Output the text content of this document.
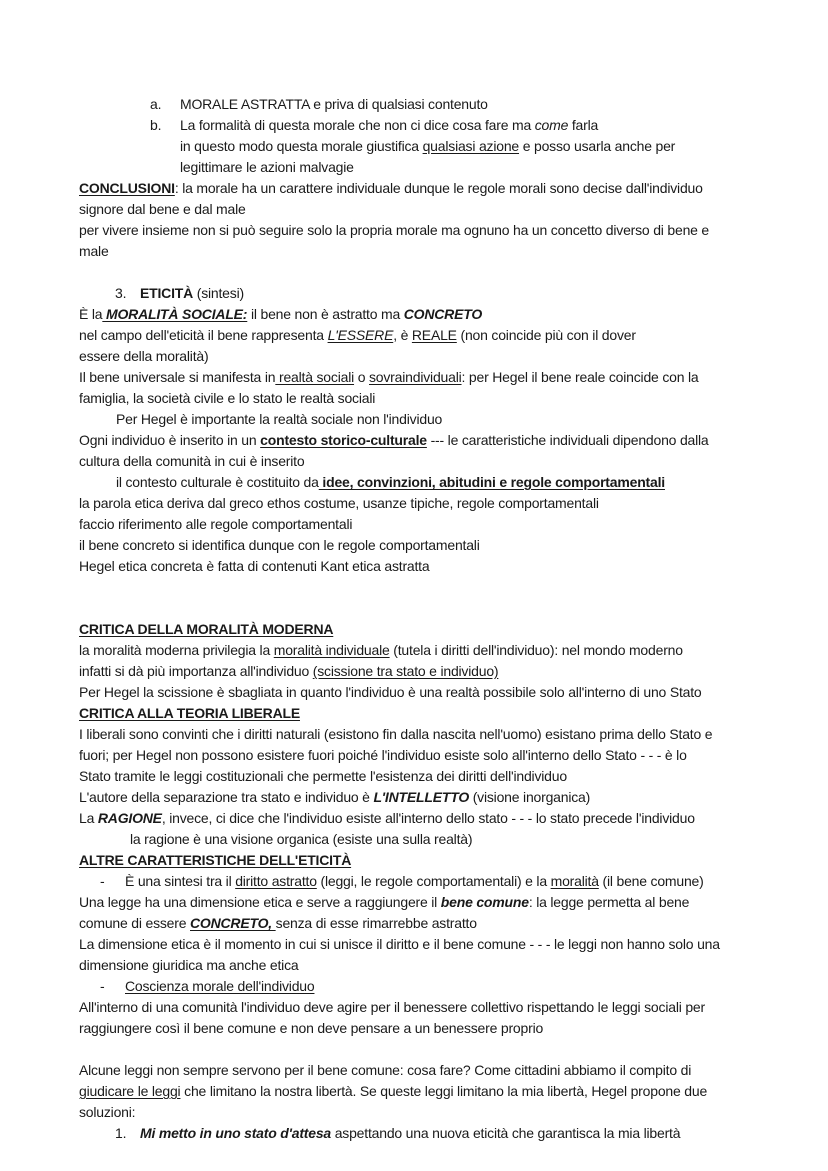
a. MORALE ASTRATTA e priva di qualsiasi contenuto
b. La formalità di questa morale che non ci dice cosa fare ma come farla
in questo modo questa morale giustifica qualsiasi azione e posso usarla anche per
legittimare le azioni malvagie
CONCLUSIONI: la morale ha un carattere individuale dunque le regole morali sono decise dall'individuo
signore dal bene e dal male
per vivere insieme non si può seguire solo la propria morale ma ognuno ha un concetto diverso di bene e
male
3. ETICITÀ (sintesi)
È la MORALITÀ SOCIALE: il bene non è astratto ma CONCRETO
nel campo dell'eticità il bene rappresenta L'ESSERE, è REALE (non coincide più con il dover
essere della moralità)
Il bene universale si manifesta in realtà sociali o sovraindividuali: per Hegel il bene reale coincide con la
famiglia, la società civile e lo stato le realtà sociali
Per Hegel è importante la realtà sociale non l'individuo
Ogni individuo è inserito in un contesto storico-culturale --- le caratteristiche individuali dipendono dalla
cultura della comunità in cui è inserito
il contesto culturale è costituito da idee, convinzioni, abitudini e regole comportamentali
la parola etica deriva dal greco ethos costume, usanze tipiche, regole comportamentali
faccio riferimento alle regole comportamentali
il bene concreto si identifica dunque con le regole comportamentali
Hegel etica concreta è fatta di contenuti Kant etica astratta
CRITICA DELLA MORALITÀ MODERNA
la moralità moderna privilegia la moralità individuale (tutela i diritti dell'individuo): nel mondo moderno
infatti si dà più importanza all'individuo (scissione tra stato e individuo)
Per Hegel la scissione è sbagliata in quanto l'individuo è una realtà possibile solo all'interno di uno Stato
CRITICA ALLA TEORIA LIBERALE
I liberali sono convinti che i diritti naturali (esistono fin dalla nascita nell'uomo) esistano prima dello Stato e
fuori; per Hegel non possono esistere fuori poiché l'individuo esiste solo all'interno dello Stato - - - è lo
Stato tramite le leggi costituzionali che permette l'esistenza dei diritti dell'individuo
L'autore della separazione tra stato e individuo è L'INTELLETTO (visione inorganica)
La RAGIONE, invece, ci dice che l'individuo esiste all'interno dello stato - - - lo stato precede l'individuo
la ragione è una visione organica (esiste una sulla realtà)
ALTRE CARATTERISTICHE DELL'ETICITÀ
- È una sintesi tra il diritto astratto (leggi, le regole comportamentali) e la moralità (il bene comune)
Una legge ha una dimensione etica e serve a raggiungere il bene comune: la legge permetta al bene
comune di essere CONCRETO, senza di esse rimarrebbe astratto
La dimensione etica è il momento in cui si unisce il diritto e il bene comune - - - le leggi non hanno solo una
dimensione giuridica ma anche etica
- Coscienza morale dell'individuo
All'interno di una comunità l'individuo deve agire per il benessere collettivo rispettando le leggi sociali per
raggiungere così il bene comune e non deve pensare a un benessere proprio
Alcune leggi non sempre servono per il bene comune: cosa fare? Come cittadini abbiamo il compito di
giudicare le leggi che limitano la nostra libertà. Se queste leggi limitano la mia libertà, Hegel propone due
soluzioni:
1. Mi metto in uno stato d'attesa aspettando una nuova eticità che garantisca la mia libertà
